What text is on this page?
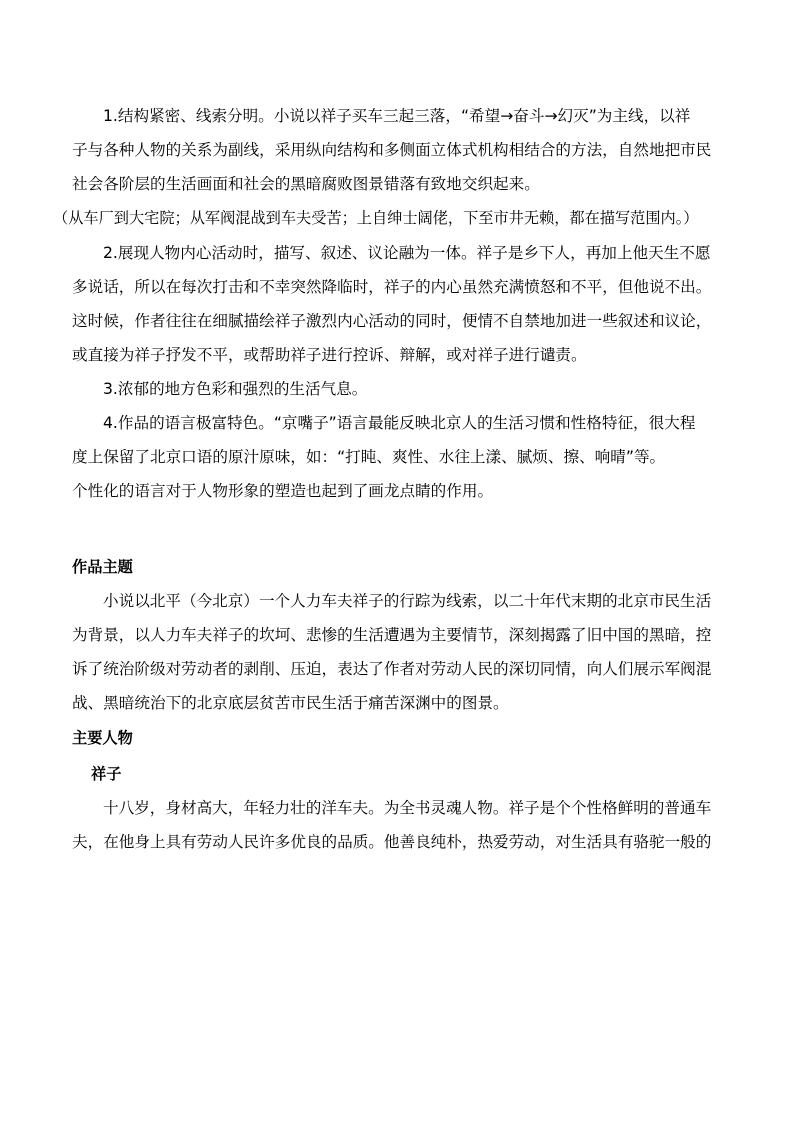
1.结构紧密、线索分明。小说以祥子买车三起三落，“希望→奋斗→幻灭”为主线，以祥
子与各种人物的关系为副线，采用纵向结构和多侧面立体式机构相结合的方法，自然地把市民
社会各阶层的生活画面和社会的黑暗腐败图景错落有致地交织起来。
（从车厂到大宅院；从军阀混战到车夫受苦；上自绅士阔佬，下至市井无赖，都在描写范围内。）
2.展现人物内心活动时，描写、叙述、议论融为一体。祥子是乡下人，再加上他天生不愿
多说话，所以在每次打击和不幸突然降临时，祥子的内心虽然充满愤怒和不平，但他说不出。
这时候，作者往往在细腻描绘祥子激烈内心活动的同时，便情不自禁地加进一些叙述和议论，
或直接为祥子抒发不平，或帮助祥子进行控诉、辩解，或对祥子进行谴责。
3.浓郁的地方色彩和强烈的生活气息。
4.作品的语言极富特色。“京嘴子”语言最能反映北京人的生活习惯和性格特征，很大程
度上保留了北京口语的原汁原味，如：“打盹、爽性、水往上漾、腻烦、擦、响晴”等。
个性化的语言对于人物形象的塑造也起到了画龙点睛的作用。
作品主题
小说以北平（今北京）一个人力车夫祥子的行踪为线索，以二十年代末期的北京市民生活
为背景，以人力车夫祥子的坎坷、悲惨的生活遭遇为主要情节，深刻揭露了旧中国的黑暗，控
诉了统治阶级对劳动者的剥削、压迫，表达了作者对劳动人民的深切同情，向人们展示军阀混
战、黑暗统治下的北京底层贫苦市民生活于痛苦深渊中的图景。
主要人物
祥子
十八岁，身材高大，年轻力壮的洋车夫。为全书灵魂人物。祥子是个个性格鲜明的普通车
夫，在他身上具有劳动人民许多优良的品质。他善良纯朴，热爱劳动，对生活具有骆驼一般的
